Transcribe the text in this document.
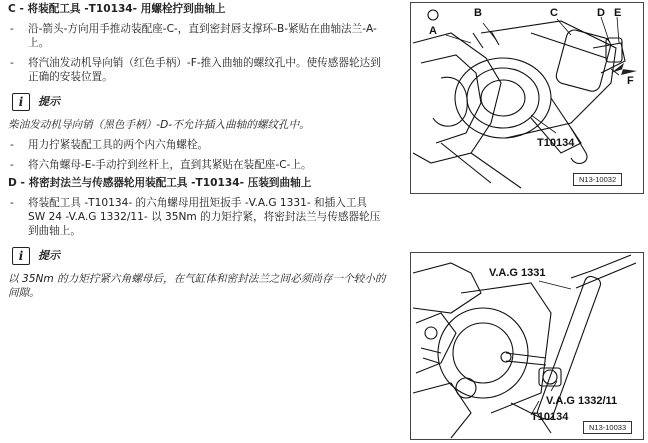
C - 将装配工具 -T10134- 用螺栓拧到曲轴上
-	沿-箭头-方向用手推动装配座-C-，直到密封唇支撑环-B-紧贴在曲轴法兰-A-上。
-	将汽油发动机导向销（红色手柄）-F-推入曲轴的螺纹孔中。使传感器轮达到正确的安装位置。
i	提示
柴油发动机导向销（黑色手柄）-D-不允许插入曲轴的螺纹孔中。
-	用力拧紧装配工具的两个内六角螺栓。
-	将六角螺母-E-手动拧到丝杆上，直到其紧贴在装配座-C-上。
D - 将密封法兰与传感器轮用装配工具 -T10134- 压装到曲轴上
-	将装配工具 -T10134- 的六角螺母用扭矩扳手 -V.A.G 1331- 和插入工具 SW 24 -V.A.G 1332/11- 以 35Nm 的力矩拧紧，将密封法兰与传感器轮压到曲轴上。
i	提示
以 35Nm 的力矩拧紧六角螺母后，在气缸体和密封法兰之间必须尚存一个较小的间隙。
A
B	C	D E
F
T10134
N13-10032
V.A.G 1331
V.A.G 1332/11
T10134
N13-10033
